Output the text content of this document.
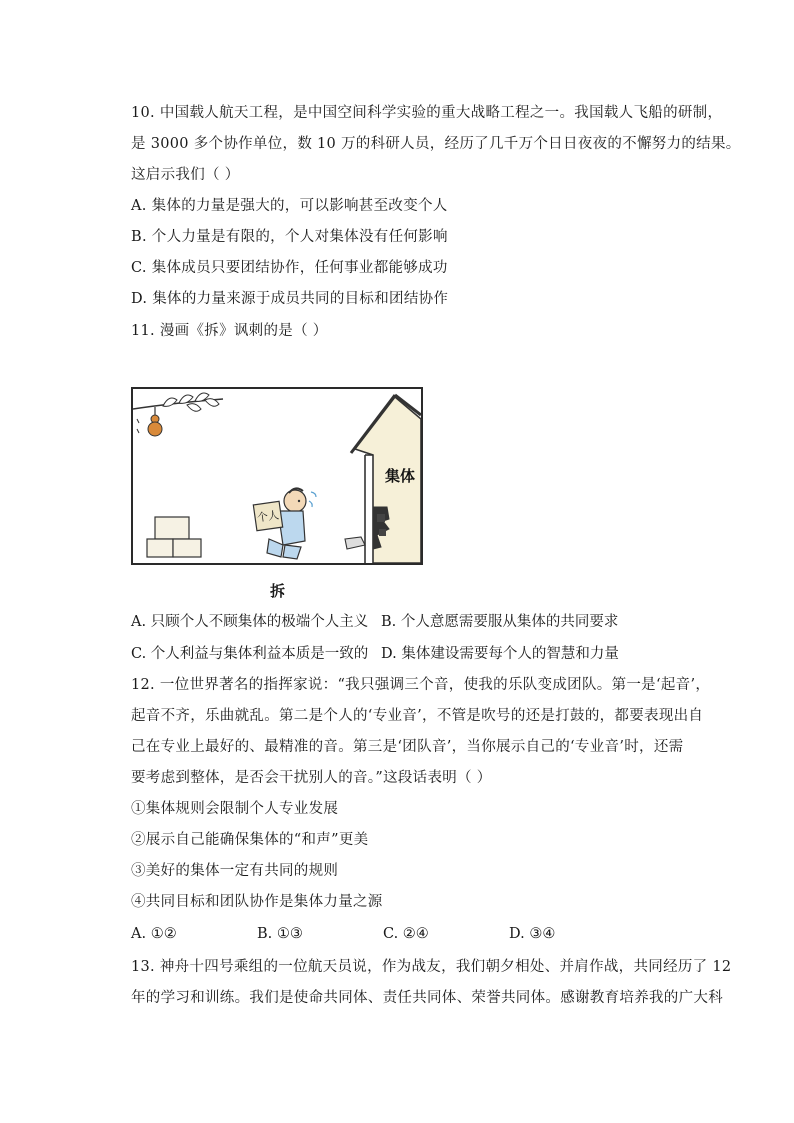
10. 中国载人航天工程，是中国空间科学实验的重大战略工程之一。我国载人飞船的研制，
是 3000 多个协作单位，数 10 万的科研人员，经历了几千万个日日夜夜的不懈努力的结果。
这启示我们（ ）
A. 集体的力量是强大的，可以影响甚至改变个人
B. 个人力量是有限的，个人对集体没有任何影响
C. 集体成员只要团结协作，任何事业都能够成功
D. 集体的力量来源于成员共同的目标和团结协作
11. 漫画《拆》讽刺的是（ ）
个人
集体
拆
A. 只顾个人不顾集体的极端个人主义 B. 个人意愿需要服从集体的共同要求
C. 个人利益与集体利益本质是一致的 D. 集体建设需要每个人的智慧和力量
12. 一位世界著名的指挥家说：“我只强调三个音，使我的乐队变成团队。第一是‘起音’，
起音不齐，乐曲就乱。第二是个人的‘专业音’，不管是吹号的还是打鼓的，都要表现出自
己在专业上最好的、最精准的音。第三是‘团队音’，当你展示自己的‘专业音’时，还需
要考虑到整体，是否会干扰别人的音。”这段话表明（ ）
①集体规则会限制个人专业发展
②展示自己能确保集体的“和声”更美
③美好的集体一定有共同的规则
④共同目标和团队协作是集体力量之源
A. ①②	B. ①③	C. ②④	D. ③④
13. 神舟十四号乘组的一位航天员说，作为战友，我们朝夕相处、并肩作战，共同经历了 12
年的学习和训练。我们是使命共同体、责任共同体、荣誉共同体。感谢教育培养我的广大科
